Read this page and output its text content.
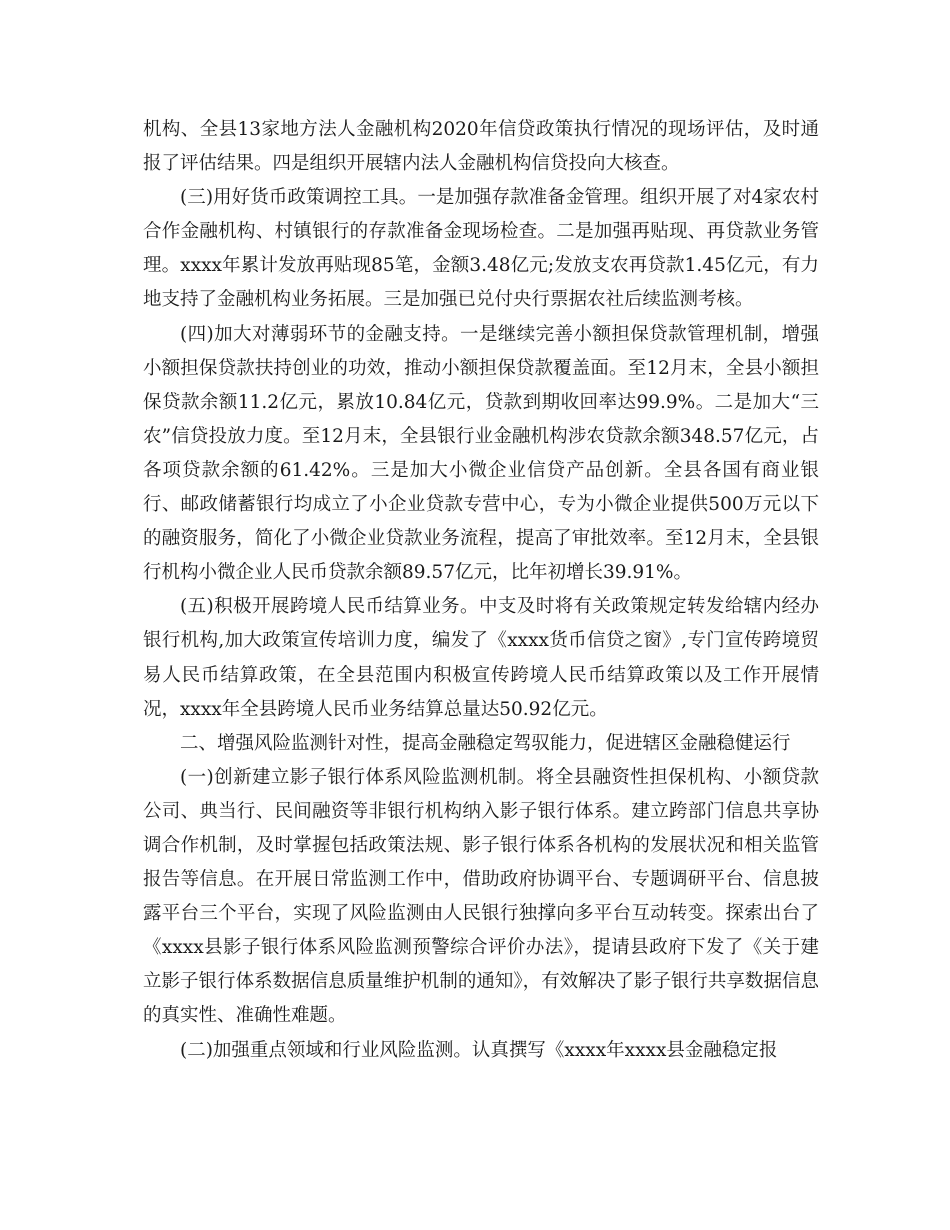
机构、全县13家地方法人金融机构2020年信贷政策执行情况的现场评估，及时通报了评估结果。四是组织开展辖内法人金融机构信贷投向大核查。

(三)用好货币政策调控工具。一是加强存款准备金管理。组织开展了对4家农村合作金融机构、村镇银行的存款准备金现场检查。二是加强再贴现、再贷款业务管理。xxxx年累计发放再贴现85笔，金额3.48亿元;发放支农再贷款1.45亿元，有力地支持了金融机构业务拓展。三是加强已兑付央行票据农社后续监测考核。

(四)加大对薄弱环节的金融支持。一是继续完善小额担保贷款管理机制，增强小额担保贷款扶持创业的功效，推动小额担保贷款覆盖面。至12月末，全县小额担保贷款余额11.2亿元，累放10.84亿元，贷款到期收回率达99.9%。二是加大“三农”信贷投放力度。至12月末，全县银行业金融机构涉农贷款余额348.57亿元，占各项贷款余额的61.42%。三是加大小微企业信贷产品创新。全县各国有商业银行、邮政储蓄银行均成立了小企业贷款专营中心，专为小微企业提供500万元以下的融资服务，简化了小微企业贷款业务流程，提高了审批效率。至12月末，全县银行机构小微企业人民币贷款余额89.57亿元，比年初增长39.91%。

(五)积极开展跨境人民币结算业务。中支及时将有关政策规定转发给辖内经办银行机构,加大政策宣传培训力度，编发了《xxxx货币信贷之窗》,专门宣传跨境贸易人民币结算政策，在全县范围内积极宣传跨境人民币结算政策以及工作开展情况，xxxx年全县跨境人民币业务结算总量达50.92亿元。

二、增强风险监测针对性，提高金融稳定驾驭能力，促进辖区金融稳健运行

(一)创新建立影子银行体系风险监测机制。将全县融资性担保机构、小额贷款公司、典当行、民间融资等非银行机构纳入影子银行体系。建立跨部门信息共享协调合作机制，及时掌握包括政策法规、影子银行体系各机构的发展状况和相关监管报告等信息。在开展日常监测工作中，借助政府协调平台、专题调研平台、信息披露平台三个平台，实现了风险监测由人民银行独撑向多平台互动转变。探索出台了《xxxx县影子银行体系风险监测预警综合评价办法》，提请县政府下发了《关于建立影子银行体系数据信息质量维护机制的通知》，有效解决了影子银行共享数据信息的真实性、准确性难题。

(二)加强重点领域和行业风险监测。认真撰写《xxxx年xxxx县金融稳定报
